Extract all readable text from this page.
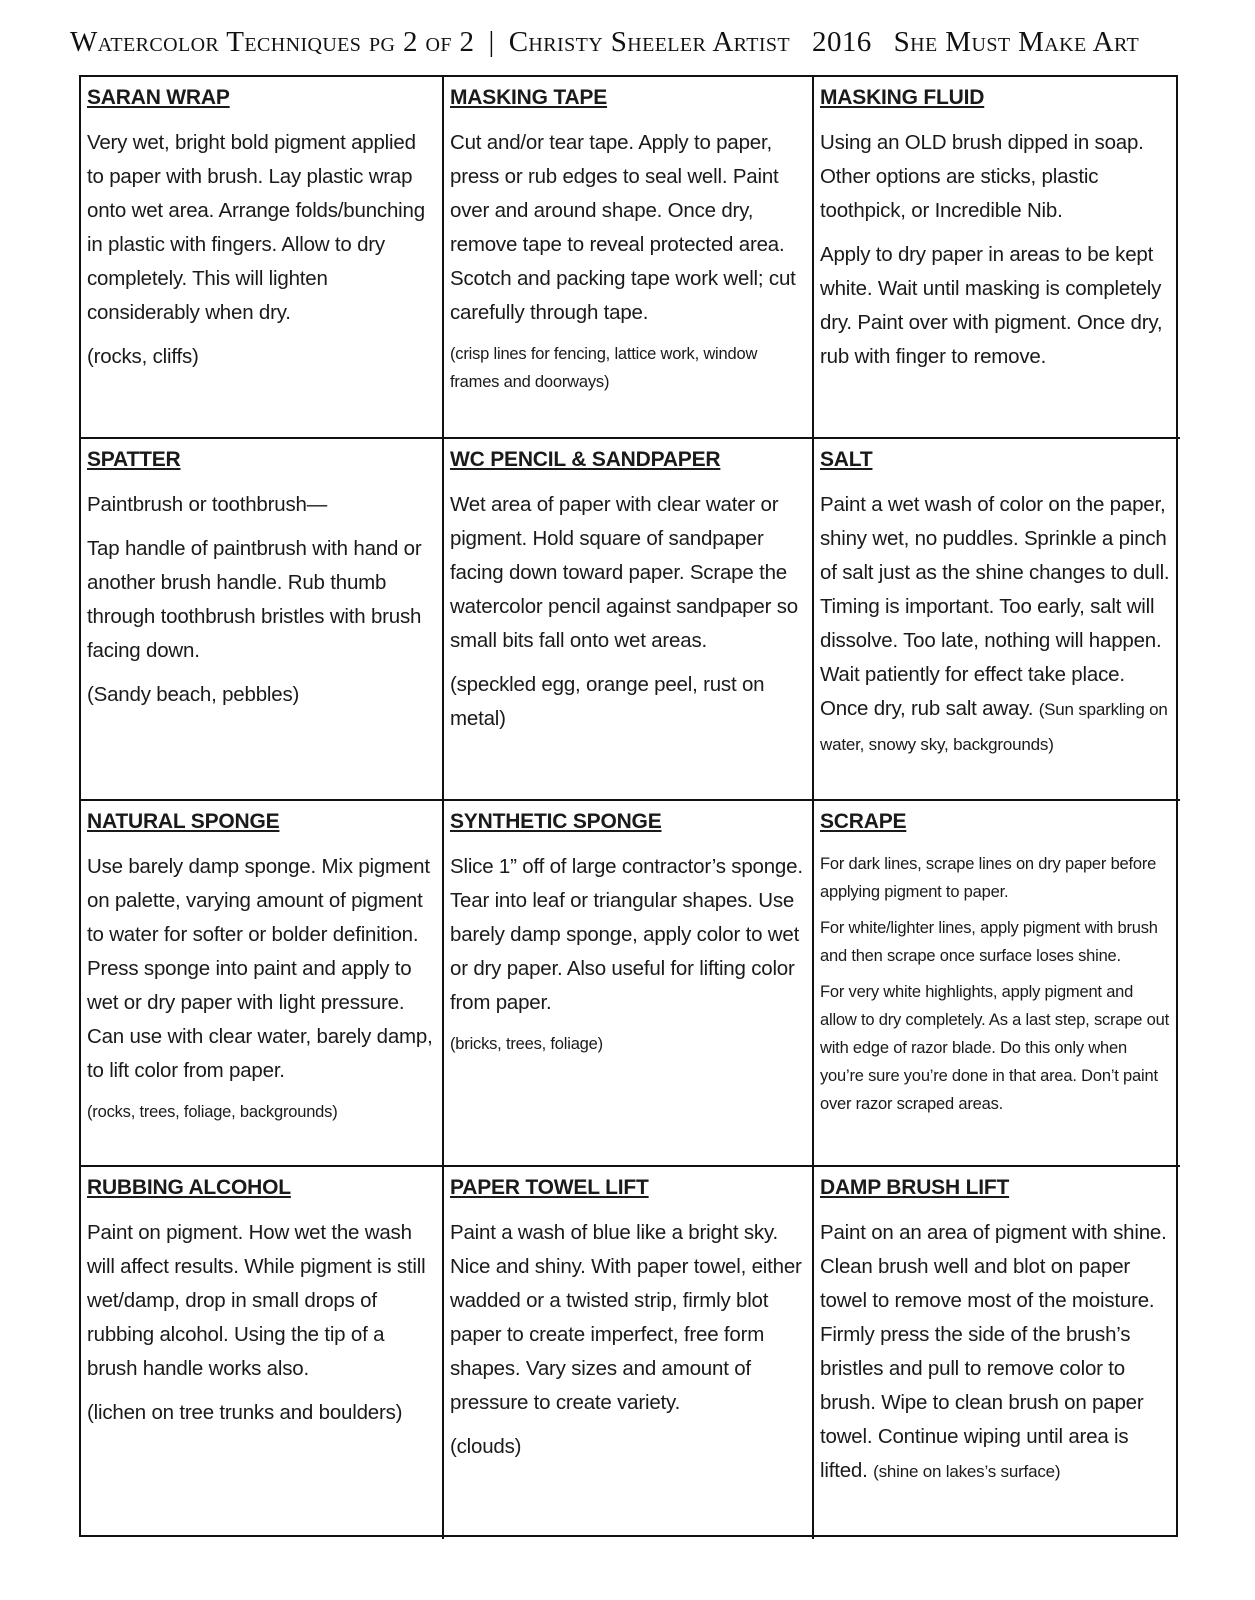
Watercolor Techniques pg 2 of 2 | Christy Sheeler Artist 2016 She Must Make Art
SARAN WRAP

Very wet, bright bold pigment applied to paper with brush. Lay plastic wrap onto wet area. Arrange folds/bunching in plastic with fingers. Allow to dry completely. This will lighten considerably when dry.

(rocks, cliffs)

MASKING TAPE

Cut and/or tear tape. Apply to paper, press or rub edges to seal well. Paint over and around shape. Once dry, remove tape to reveal protected area. Scotch and packing tape work well; cut carefully through tape.

(crisp lines for fencing, lattice work, window frames and doorways)

MASKING FLUID

Using an OLD brush dipped in soap. Other options are sticks, plastic toothpick, or Incredible Nib.

Apply to dry paper in areas to be kept white. Wait until masking is completely dry. Paint over with pigment. Once dry, rub with finger to remove.

SPATTER

Paintbrush or toothbrush—

Tap handle of paintbrush with hand or another brush handle. Rub thumb through toothbrush bristles with brush facing down.

(Sandy beach, pebbles)

WC PENCIL & SANDPAPER

Wet area of paper with clear water or pigment. Hold square of sandpaper facing down toward paper. Scrape the watercolor pencil against sandpaper so small bits fall onto wet areas.

(speckled egg, orange peel, rust on metal)

SALT

Paint a wet wash of color on the paper, shiny wet, no puddles. Sprinkle a pinch of salt just as the shine changes to dull. Timing is important. Too early, salt will dissolve. Too late, nothing will happen. Wait patiently for effect take place. Once dry, rub salt away. (Sun sparkling on water, snowy sky, backgrounds)

NATURAL SPONGE

Use barely damp sponge. Mix pigment on palette, varying amount of pigment to water for softer or bolder definition. Press sponge into paint and apply to wet or dry paper with light pressure. Can use with clear water, barely damp, to lift color from paper.

(rocks, trees, foliage, backgrounds)

SYNTHETIC SPONGE

Slice 1” off of large contractor’s sponge. Tear into leaf or triangular shapes. Use barely damp sponge, apply color to wet or dry paper. Also useful for lifting color from paper.

(bricks, trees, foliage)

SCRAPE

For dark lines, scrape lines on dry paper before applying pigment to paper.

For white/lighter lines, apply pigment with brush and then scrape once surface loses shine.

For very white highlights, apply pigment and allow to dry completely. As a last step, scrape out with edge of razor blade. Do this only when you’re sure you’re done in that area. Don’t paint over razor scraped areas.

RUBBING ALCOHOL

Paint on pigment. How wet the wash will affect results. While pigment is still wet/damp, drop in small drops of rubbing alcohol. Using the tip of a brush handle works also.

(lichen on tree trunks and boulders)

PAPER TOWEL LIFT

Paint a wash of blue like a bright sky. Nice and shiny. With paper towel, either wadded or a twisted strip, firmly blot paper to create imperfect, free form shapes. Vary sizes and amount of pressure to create variety.

(clouds)

DAMP BRUSH LIFT

Paint on an area of pigment with shine. Clean brush well and blot on paper towel to remove most of the moisture. Firmly press the side of the brush’s bristles and pull to remove color to brush. Wipe to clean brush on paper towel. Continue wiping until area is lifted. (shine on lakes’s surface)
